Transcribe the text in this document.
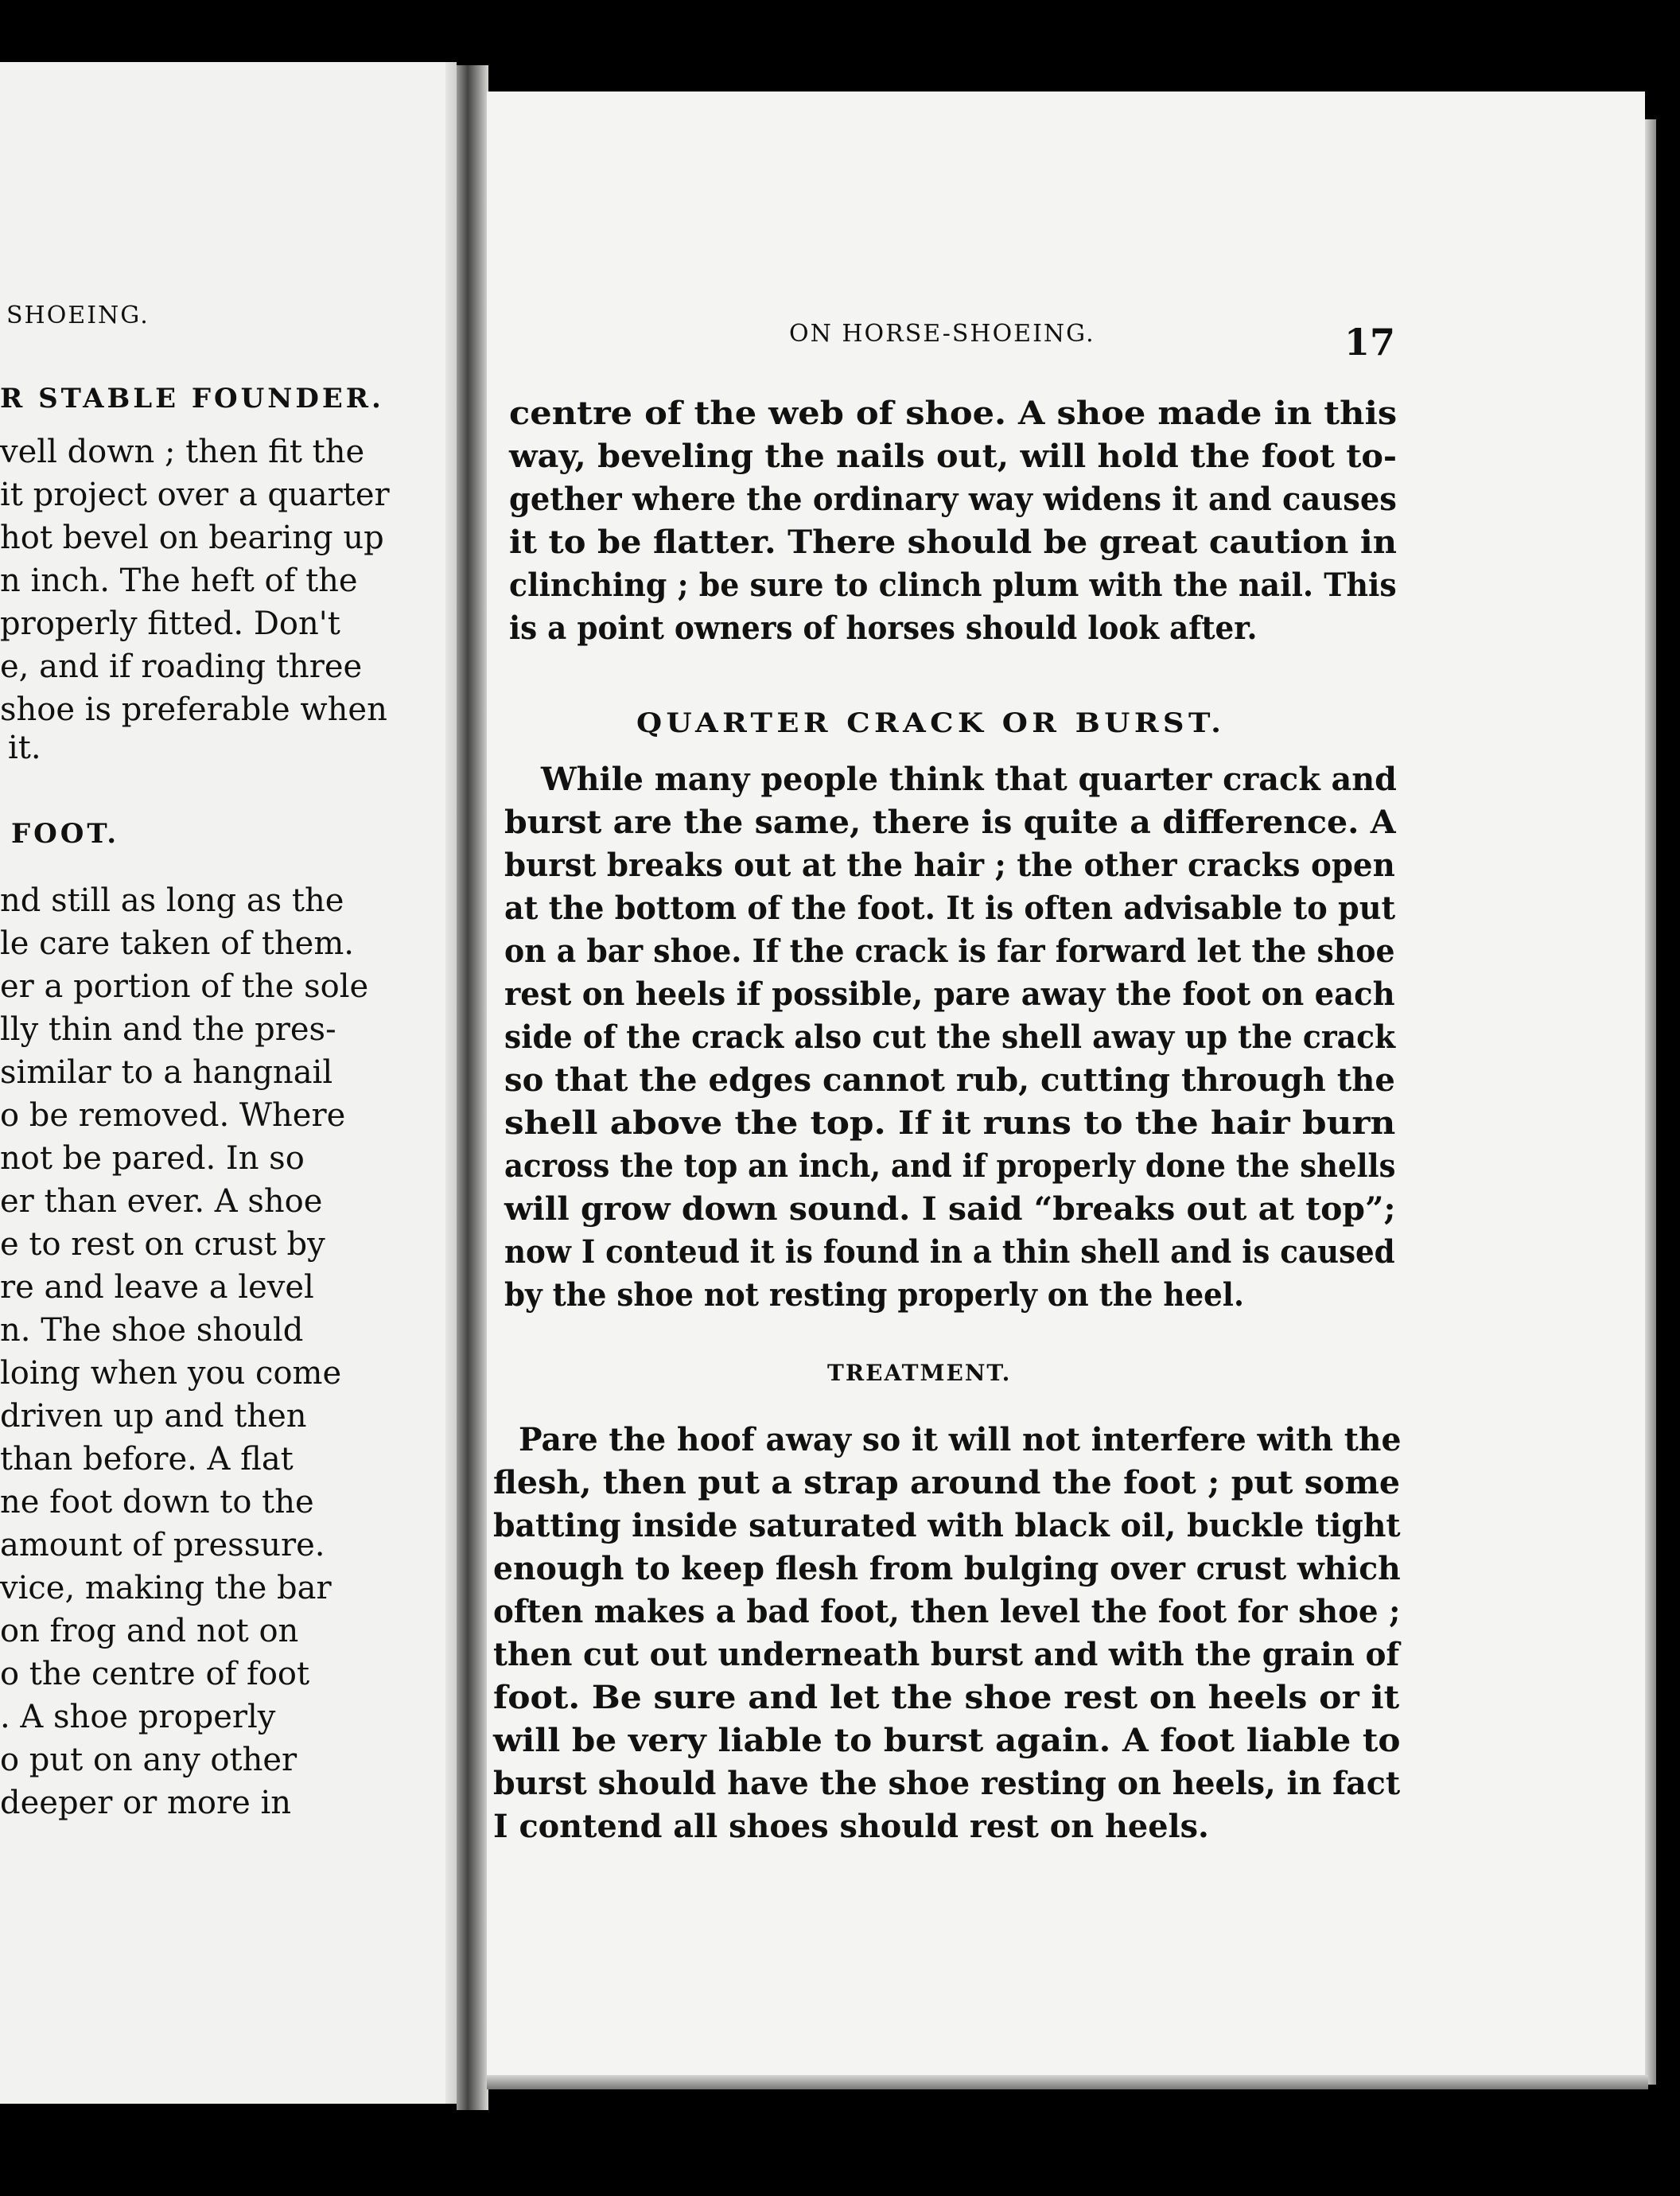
SHOEING.
R STABLE FOUNDER.
vell down ; then fit the
it project over a quarter
hot bevel on bearing up
n inch. The heft of the
properly fitted. Don't
e, and if roading three
shoe is preferable when
it.
FOOT.
nd still as long as the
le care taken of them.
er a portion of the sole
lly thin and the pres-
similar to a hangnail
o be removed. Where
not be pared. In so
er than ever. A shoe
e to rest on crust by
re and leave a level
n. The shoe should
loing when you come
driven up and then
than before. A flat
ne foot down to the
amount of pressure.
vice, making the bar
on frog and not on
o the centre of foot
. A shoe properly
o put on any other
deeper or more in
ON HORSE-SHOEING.	17
centre of the web of shoe. A shoe made in this
way, beveling the nails out, will hold the foot to-
gether where the ordinary way widens it and causes
it to be flatter. There should be great caution in
clinching ; be sure to clinch plum with the nail. This
is a point owners of horses should look after.
QUARTER CRACK OR BURST.
While many people think that quarter crack and
burst are the same, there is quite a difference. A
burst breaks out at the hair ; the other cracks open
at the bottom of the foot. It is often advisable to put
on a bar shoe. If the crack is far forward let the shoe
rest on heels if possible, pare away the foot on each
side of the crack also cut the shell away up the crack
so that the edges cannot rub, cutting through the
shell above the top. If it runs to the hair burn
across the top an inch, and if properly done the shells
will grow down sound. I said “breaks out at top”;
now I conteud it is found in a thin shell and is caused
by the shoe not resting properly on the heel.
TREATMENT.
Pare the hoof away so it will not interfere with the
flesh, then put a strap around the foot ; put some
batting inside saturated with black oil, buckle tight
enough to keep flesh from bulging over crust which
often makes a bad foot, then level the foot for shoe ;
then cut out underneath burst and with the grain of
foot. Be sure and let the shoe rest on heels or it
will be very liable to burst again. A foot liable to
burst should have the shoe resting on heels, in fact
I contend all shoes should rest on heels.
